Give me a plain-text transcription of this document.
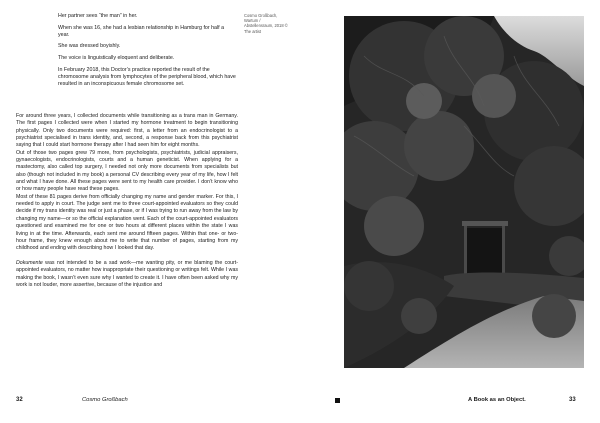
Her partner sees “the man” in her.

When she was 16, she had a lesbian relationship in Hamburg for half a year.

She was dressed boyishly.

The voice is linguistically eloquent and deliberate.

In February 2018, this Doctor’s practice reported the result of the chromosome analysis from lymphocytes of the peripheral blood, which have resulted in an inconspicuous female chromosome set.

Cosmo Großbach, Wartum / Abstellensraum, 2018 © The artist

For around three years, I collected documents while transitioning as a trans man in Germany. The first pages I collected were when I started my hormone treatment to begin transitioning physically. Only two documents were required: first, a letter from an endocrinologist to a psychiatrist specialised in trans identity, and, second, a response back from this psychiatrist saying that I could start hormone therapy after I had seen him for eight months.

Out of those two pages grew 79 more, from psychologists, psychiatrists, judicial appraisers, gynaecologists, endocrinologists, courts and a human geneticist. When applying for a mastectomy, also called top surgery, I needed not only more documents from specialists but also (though not included in my book) a personal CV describing every year of my life, how I felt and what I have done. All these pages were sent to my health care provider. I don’t know who or how many people have read these pages.

Most of these 81 pages derive from officially changing my name and gender marker. For this, I needed to apply in court. The judge sent me to three court-appointed evaluators so they could decide if my trans identity was real or just a phase, or if I was trying to run away from the law by changing my name—or so the official explanation went. Each of the court-appointed evaluators questioned and examined me for one or two hours at different places within the state I was living in at the time. Afterwards, each sent me around fifteen pages. Within that one- or two-hour frame, they knew enough about me to write that number of pages, starting from my childhood and ending with describing how I looked that day.

Dokumente was not intended to be a sad work—me wanting pity, or me blaming the court-appointed evaluators, no matter how inappropriate their questioning or writings felt. While I was making the book, I wasn’t even sure why I wanted to create it. I have often been asked why my work is not louder, more assertive, because of the injustice and

32	Cosmo Großbach	A Book as an Object.	33
